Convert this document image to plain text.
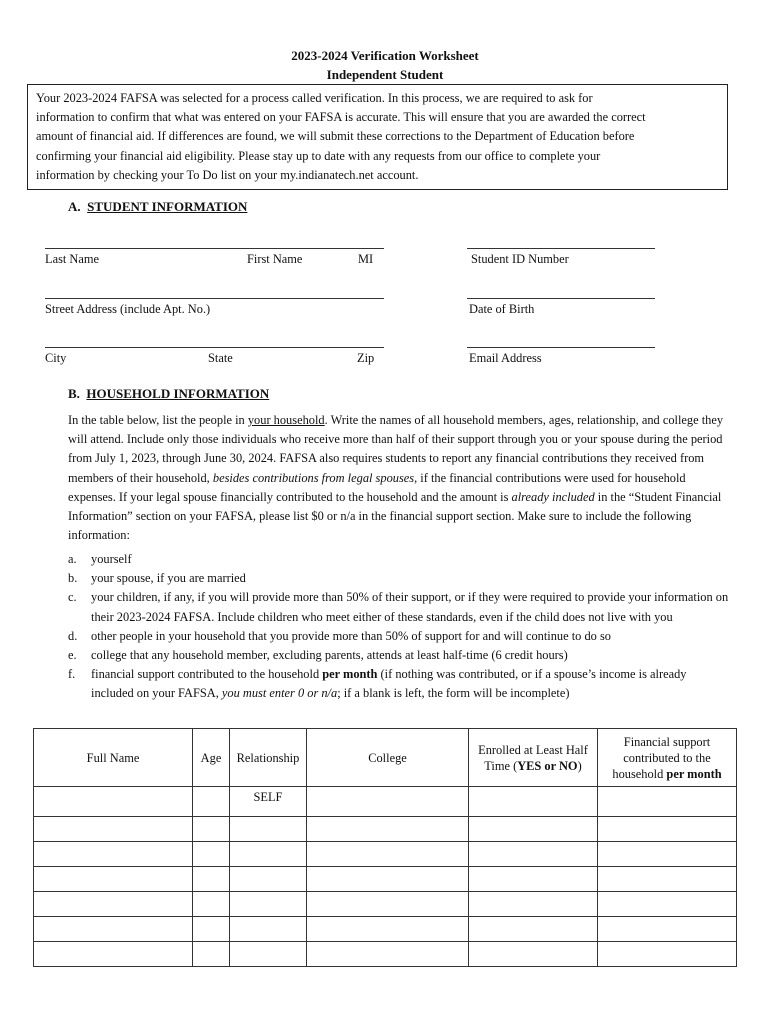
2023-2024 Verification Worksheet
Independent Student
Your 2023-2024 FAFSA was selected for a process called verification. In this process, we are required to ask for
information to confirm that what was entered on your FAFSA is accurate. This will ensure that you are awarded the correct
amount of financial aid. If differences are found, we will submit these corrections to the Department of Education before
confirming your financial aid eligibility. Please stay up to date with any requests from our office to complete your
information by checking your To Do list on your my.indianatech.net account.
A. STUDENT INFORMATION
Last Name	First Name	MI	Student ID Number
Street Address (include Apt. No.)	Date of Birth
City	State	Zip	Email Address
B. HOUSEHOLD INFORMATION
In the table below, list the people in your household. Write the names of all household members, ages, relationship, and college they will attend. Include only those individuals who receive more than half of their support through you or your spouse during the period from July 1, 2023, through June 30, 2024. FAFSA also requires students to report any financial contributions they received from members of their household, besides contributions from legal spouses, if the financial contributions were used for household expenses. If your legal spouse financially contributed to the household and the amount is already included in the “Student Financial Information” section on your FAFSA, please list $0 or n/a in the financial support section. Make sure to include the following information:
a. yourself
b. your spouse, if you are married
c. your children, if any, if you will provide more than 50% of their support, or if they were required to provide your information on their 2023-2024 FAFSA. Include children who meet either of these standards, even if the child does not live with you
d. other people in your household that you provide more than 50% of support for and will continue to do so
e. college that any household member, excluding parents, attends at least half-time (6 credit hours)
f. financial support contributed to the household per month (if nothing was contributed, or if a spouse’s income is already included on your FAFSA, you must enter 0 or n/a; if a blank is left, the form will be incomplete)
Full Name	Age	Relationship	College	Enrolled at Least Half Time (YES or NO)	Financial support contributed to the household per month
		SELF			
